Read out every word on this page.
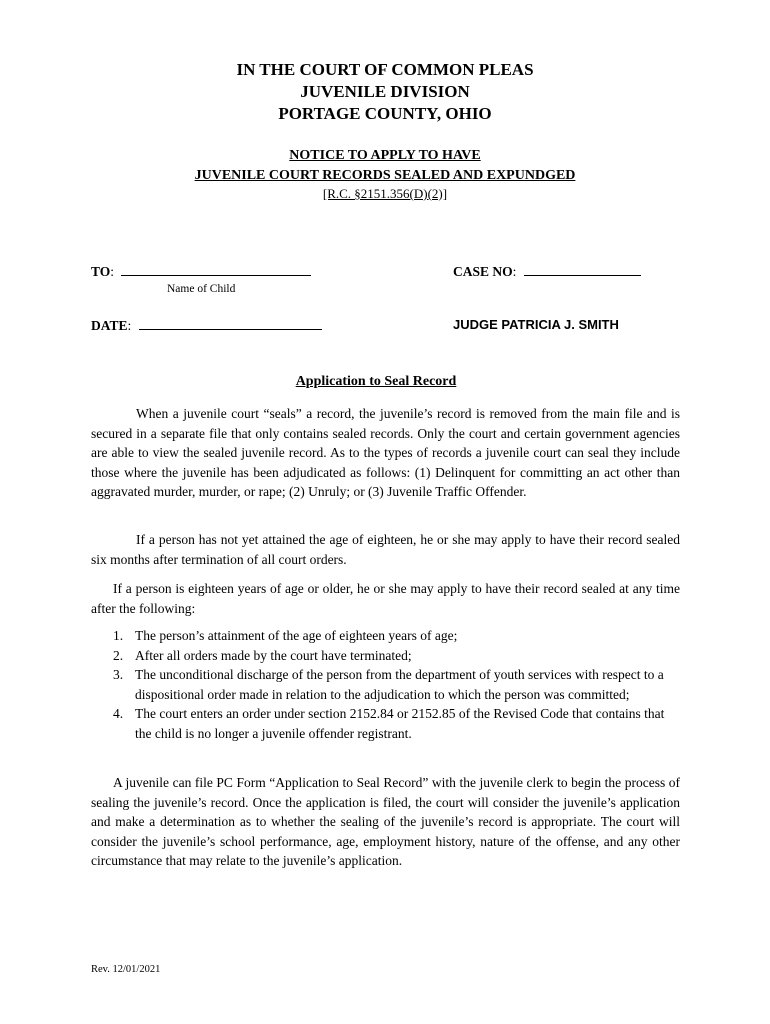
IN THE COURT OF COMMON PLEAS
JUVENILE DIVISION
PORTAGE COUNTY, OHIO
NOTICE TO APPLY TO HAVE
JUVENILE COURT RECORDS SEALED AND EXPUNDGED
[R.C. §2151.356(D)(2)]
TO:
Name of Child
CASE NO:
DATE:	JUDGE PATRICIA J. SMITH
Application to Seal Record

When a juvenile court “seals” a record, the juvenile’s record is removed from the main file and is secured in a separate file that only contains sealed records. Only the court and certain government agencies are able to view the sealed juvenile record. As to the types of records a juvenile court can seal they include those where the juvenile has been adjudicated as follows: (1) Delinquent for committing an act other than aggravated murder, murder, or rape; (2) Unruly; or (3) Juvenile Traffic Offender.

If a person has not yet attained the age of eighteen, he or she may apply to have their record sealed six months after termination of all court orders.

If a person is eighteen years of age or older, he or she may apply to have their record sealed at any time after the following:

1. The person’s attainment of the age of eighteen years of age;
2. After all orders made by the court have terminated;
3. The unconditional discharge of the person from the department of youth services with respect to a dispositional order made in relation to the adjudication to which the person was committed;
4. The court enters an order under section 2152.84 or 2152.85 of the Revised Code that contains that the child is no longer a juvenile offender registrant.

A juvenile can file PC Form “Application to Seal Record” with the juvenile clerk to begin the process of sealing the juvenile’s record. Once the application is filed, the court will consider the juvenile’s application and make a determination as to whether the sealing of the juvenile’s record is appropriate. The court will consider the juvenile’s school performance, age, employment history, nature of the offense, and any other circumstance that may relate to the juvenile’s application.

Rev. 12/01/2021
